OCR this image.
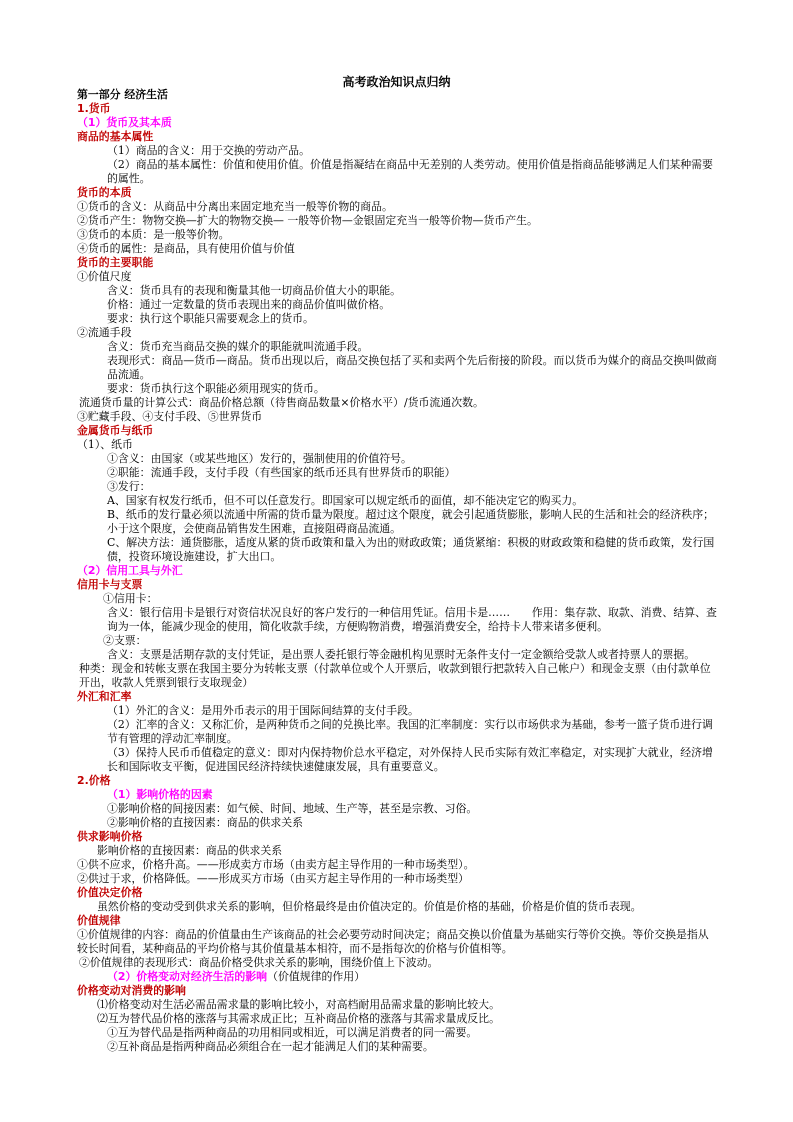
高考政治知识点归纳

第一部分 经济生活

1.货币

（1）货币及其本质

商品的基本属性

（1）商品的含义：用于交换的劳动产品。

（2）商品的基本属性：价值和使用价值。价值是指凝结在商品中无差别的人类劳动。使用价值是指商品能够满足人们某种需要的属性。

货币的本质

①货币的含义：从商品中分离出来固定地充当一般等价物的商品。

②货币产生：物物交换—扩大的物物交换— 一般等价物—金银固定充当一般等价物—货币产生。

③货币的本质：是一般等价物。

④货币的属性：是商品，具有使用价值与价值

货币的主要职能

①价值尺度

含义：货币具有的表现和衡量其他一切商品价值大小的职能。

价格：通过一定数量的货币表现出来的商品价值叫做价格。

要求：执行这个职能只需要观念上的货币。

②流通手段

含义：货币充当商品交换的媒介的职能就叫流通手段。

表现形式：商品—货币—商品。货币出现以后，商品交换包括了买和卖两个先后衔接的阶段。而以货币为媒介的商品交换叫做商品流通。

要求：货币执行这个职能必须用现实的货币。

流通货币量的计算公式：商品价格总额（待售商品数量×价格水平）/货币流通次数。

③贮藏手段、④支付手段、⑤世界货币

金属货币与纸币

（1）、纸币

①含义：由国家（或某些地区）发行的，强制使用的价值符号。

②职能：流通手段，支付手段（有些国家的纸币还具有世界货币的职能）

③发行：

A、国家有权发行纸币，但不可以任意发行。即国家可以规定纸币的面值，却不能决定它的购买力。

B、纸币的发行量必须以流通中所需的货币量为限度。超过这个限度，就会引起通货膨胀，影响人民的生活和社会的经济秩序；小于这个限度，会使商品销售发生困难，直接阻碍商品流通。

C、解决方法：通货膨胀，适度从紧的货币政策和量入为出的财政政策；通货紧缩：积极的财政政策和稳健的货币政策，发行国债，投资环境设施建设，扩大出口。

（2）信用工具与外汇

信用卡与支票

①信用卡：

含义：银行信用卡是银行对资信状况良好的客户发行的一种信用凭证。信用卡是……　　作用：集存款、取款、消费、结算、查询为一体，能减少现金的使用，简化收款手续，方便购物消费，增强消费安全，给持卡人带来诸多便利。

②支票：

含义：支票是活期存款的支付凭证，是出票人委托银行等金融机构见票时无条件支付一定金额给受款人或者持票人的票据。

种类：现金和转帐支票在我国主要分为转帐支票（付款单位或个人开票后，收款到银行把款转入自己帐户）和现金支票（由付款单位开出，收款人凭票到银行支取现金）

外汇和汇率

（1）外汇的含义：是用外币表示的用于国际间结算的支付手段。

（2）汇率的含义：又称汇价，是两种货币之间的兑换比率。我国的汇率制度：实行以市场供求为基础，参考一篮子货币进行调节有管理的浮动汇率制度。

（3）保持人民币币值稳定的意义：即对内保持物价总水平稳定，对外保持人民币实际有效汇率稳定，对实现扩大就业，经济增长和国际收支平衡，促进国民经济持续快速健康发展，具有重要意义。

2.价格

（1）影响价格的因素

①影响价格的间接因素：如气候、时间、地域、生产等，甚至是宗教、习俗。

②影响价格的直接因素：商品的供求关系

供求影响价格

影响价格的直接因素：商品的供求关系

①供不应求，价格升高。——形成卖方市场（由卖方起主导作用的一种市场类型）。

②供过于求，价格降低。——形成买方市场（由买方起主导作用的一种市场类型）

价值决定价格

虽然价格的变动受到供求关系的影响，但价格最终是由价值决定的。价值是价格的基础，价格是价值的货币表现。

价值规律

①价值规律的内容：商品的价值量由生产该商品的社会必要劳动时间决定；商品交换以价值量为基础实行等价交换。等价交换是指从较长时间看，某种商品的平均价格与其价值量基本相符，而不是指每次的价格与价值相等。

②价值规律的表现形式：商品价格受供求关系的影响，围绕价值上下波动。

（2）价格变动对经济生活的影响（价值规律的作用）

价格变动对消费的影响

⑴价格变动对生活必需品需求量的影响比较小，对高档耐用品需求量的影响比较大。

⑵互为替代品价格的涨落与其需求成正比；互补商品价格的涨落与其需求量成反比。

①互为替代品是指两种商品的功用相同或相近，可以满足消费者的同一需要。

②互补商品是指两种商品必须组合在一起才能满足人们的某种需要。
